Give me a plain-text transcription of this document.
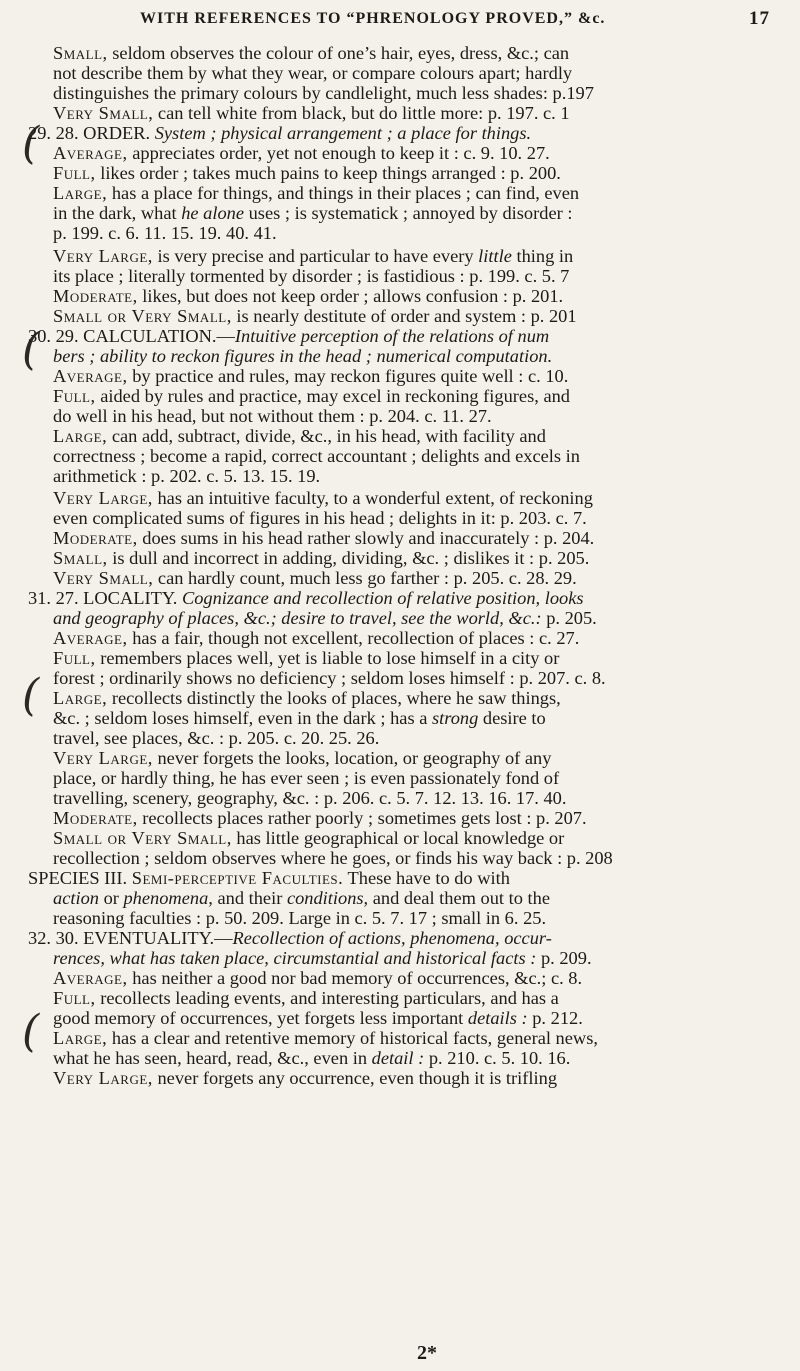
WITH REFERENCES TO “PHRENOLOGY PROVED,” &c.	17
(
(
(
(
Small, seldom observes the colour of one’s hair, eyes, dress, &c.; can
not describe them by what they wear, or compare colours apart; hardly
distinguishes the primary colours by candlelight, much less shades: p.197
Very Small, can tell white from black, but do little more: p. 197. c. 1
29. 28. ORDER. System ; physical arrangement ; a place for things.
Average, appreciates order, yet not enough to keep it : c. 9. 10. 27.
Full, likes order ; takes much pains to keep things arranged : p. 200.
Large, has a place for things, and things in their places ; can find, even
in the dark, what he alone uses ; is systematick ; annoyed by disorder :
p. 199. c. 6. 11. 15. 19. 40. 41.
Very Large, is very precise and particular to have every little thing in
its place ; literally tormented by disorder ; is fastidious : p. 199. c. 5. 7
Moderate, likes, but does not keep order ; allows confusion : p. 201.
Small or Very Small, is nearly destitute of order and system : p. 201
30. 29. CALCULATION.—Intuitive perception of the relations of num
bers ; ability to reckon figures in the head ; numerical computation.
Average, by practice and rules, may reckon figures quite well : c. 10.
Full, aided by rules and practice, may excel in reckoning figures, and
do well in his head, but not without them : p. 204. c. 11. 27.
Large, can add, subtract, divide, &c., in his head, with facility and
correctness ; become a rapid, correct accountant ; delights and excels in
arithmetick : p. 202. c. 5. 13. 15. 19.
Very Large, has an intuitive faculty, to a wonderful extent, of reckoning
even complicated sums of figures in his head ; delights in it: p. 203. c. 7.
Moderate, does sums in his head rather slowly and inaccurately : p. 204.
Small, is dull and incorrect in adding, dividing, &c. ; dislikes it : p. 205.
Very Small, can hardly count, much less go farther : p. 205. c. 28. 29.
31. 27. LOCALITY. Cognizance and recollection of relative position, looks
and geography of places, &c.; desire to travel, see the world, &c.: p. 205.
Average, has a fair, though not excellent, recollection of places : c. 27.
Full, remembers places well, yet is liable to lose himself in a city or
forest ; ordinarily shows no deficiency ; seldom loses himself : p. 207. c. 8.
Large, recollects distinctly the looks of places, where he saw things,
&c. ; seldom loses himself, even in the dark ; has a strong desire to
travel, see places, &c. : p. 205. c. 20. 25. 26.
Very Large, never forgets the looks, location, or geography of any
place, or hardly thing, he has ever seen ; is even passionately fond of
travelling, scenery, geography, &c. : p. 206. c. 5. 7. 12. 13. 16. 17. 40.
Moderate, recollects places rather poorly ; sometimes gets lost : p. 207.
Small or Very Small, has little geographical or local knowledge or
recollection ; seldom observes where he goes, or finds his way back : p. 208
SPECIES III. Semi-perceptive Faculties. These have to do with
action or phenomena, and their conditions, and deal them out to the
reasoning faculties : p. 50. 209. Large in c. 5. 7. 17 ; small in 6. 25.
32. 30. EVENTUALITY.—Recollection of actions, phenomena, occur-
rences, what has taken place, circumstantial and historical facts : p. 209.
Average, has neither a good nor bad memory of occurrences, &c.; c. 8.
Full, recollects leading events, and interesting particulars, and has a
good memory of occurrences, yet forgets less important details : p. 212.
Large, has a clear and retentive memory of historical facts, general news,
what he has seen, heard, read, &c., even in detail : p. 210. c. 5. 10. 16.
Very Large, never forgets any occurrence, even though it is trifling
2*
